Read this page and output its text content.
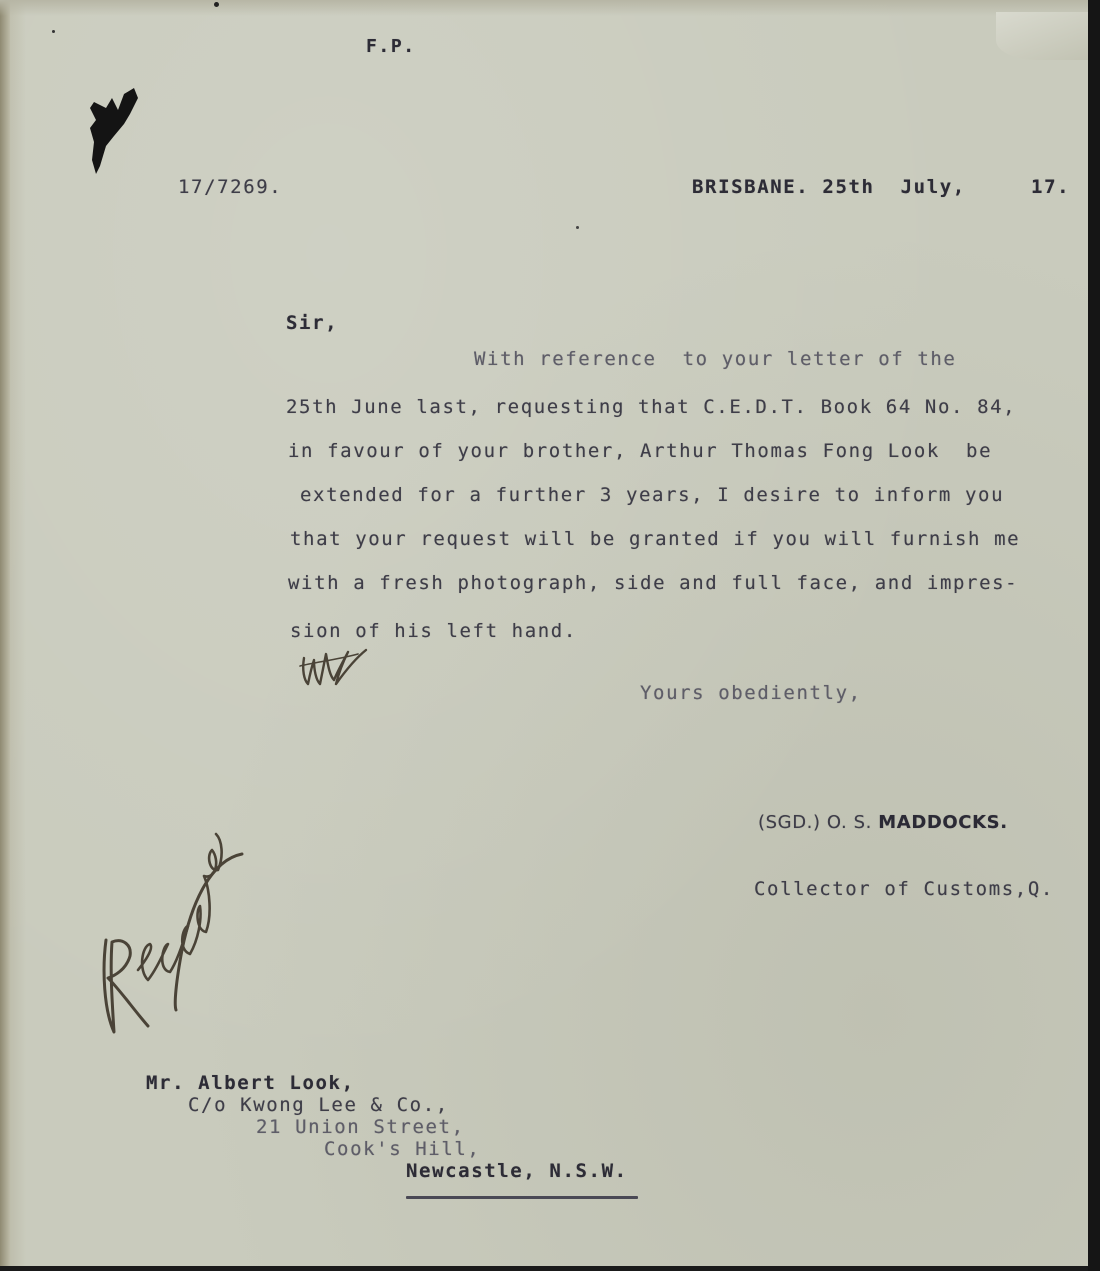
F.P.
17/7269.	BRISBANE. 25th July,	17.
Sir,
With reference  to your letter of the
25th June last, requesting that C.E.D.T. Book 64 No. 84,
in favour of your brother, Arthur Thomas Fong Look  be
extended for a further 3 years, I desire to inform you
that your request will be granted if you will furnish me
with a fresh photograph, side and full face, and impres-
sion of his left hand.
Yours obediently,
(SGD.) O. S. MADDOCKS.
Collector of Customs,Q.
Mr. Albert Look,
C/o Kwong Lee & Co.,
21 Union Street,
Cook's Hill,
Newcastle, N.S.W.
